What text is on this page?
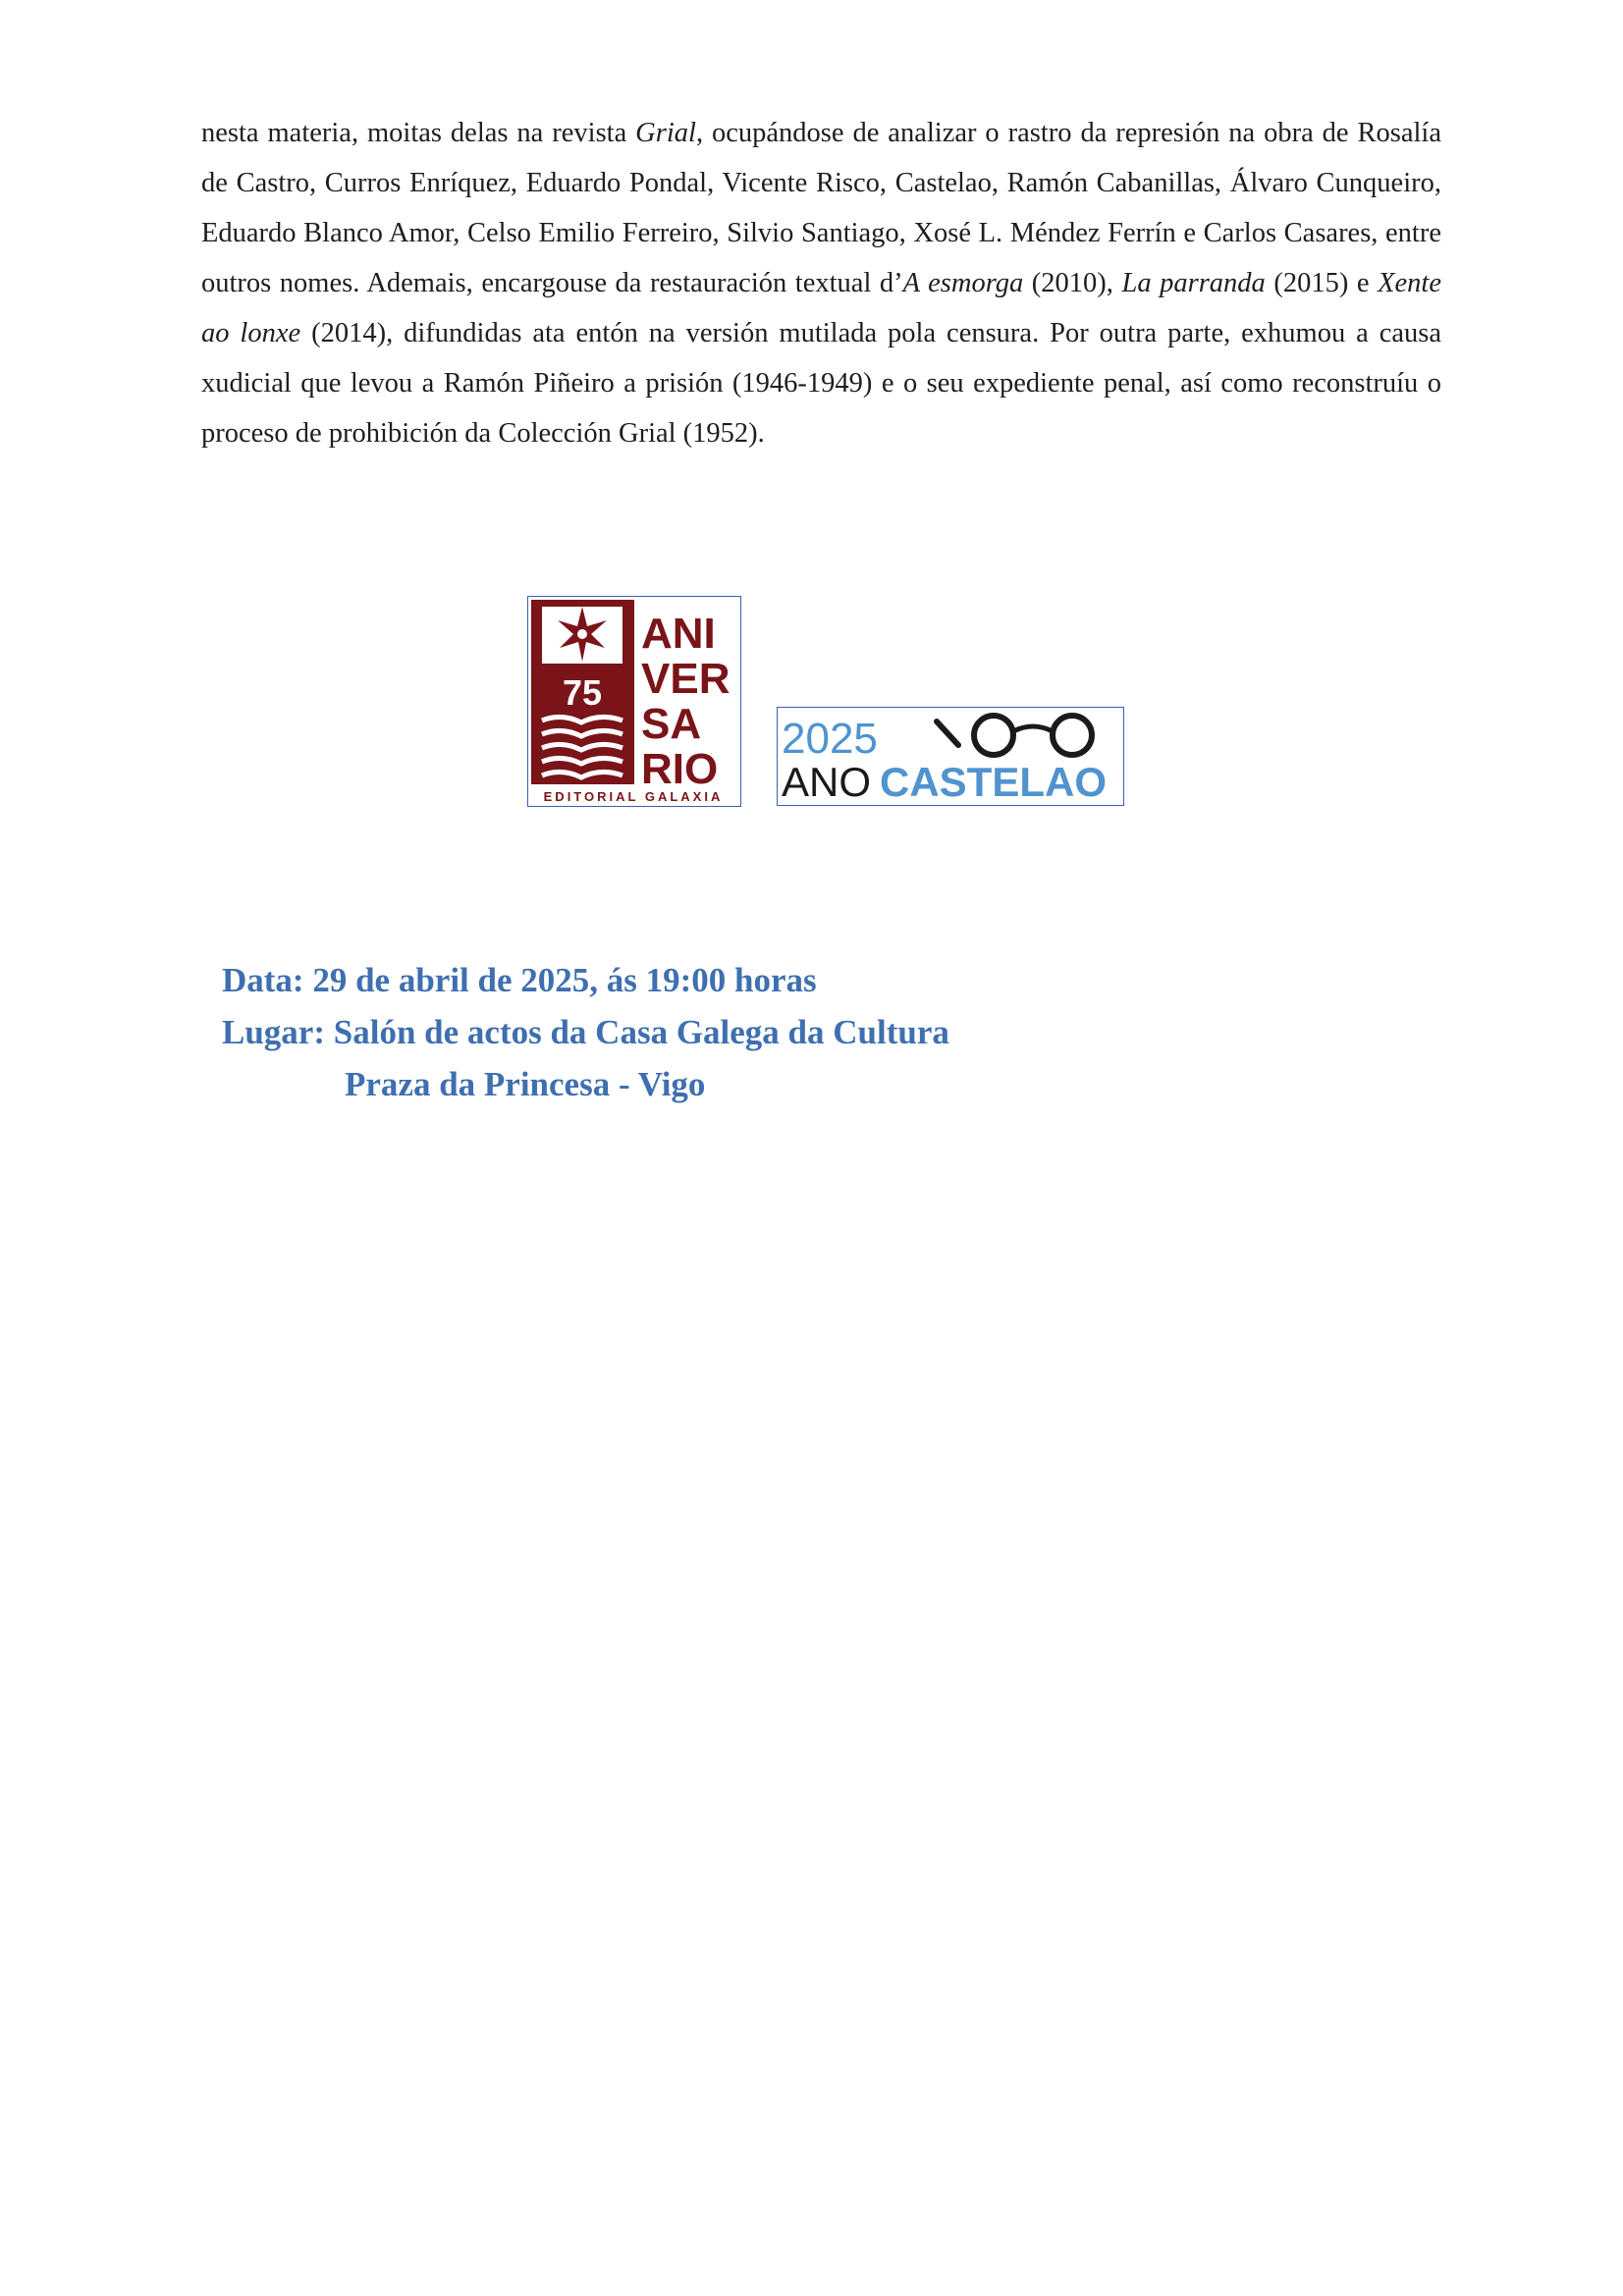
nesta materia, moitas delas na revista Grial, ocupándose de analizar o rastro da represión na obra de Rosalía de Castro, Curros Enríquez, Eduardo Pondal, Vicente Risco, Castelao, Ramón Cabanillas, Álvaro Cunqueiro, Eduardo Blanco Amor, Celso Emilio Ferreiro, Silvio Santiago, Xosé L. Méndez Ferrín e Carlos Casares, entre outros nomes. Ademais, encargouse da restauración textual d’A esmorga (2010), La parranda (2015) e Xente ao lonxe (2014), difundidas ata entón na versión mutilada pola censura. Por outra parte, exhumou a causa xudicial que levou a Ramón Piñeiro a prisión (1946-1949) e o seu expediente penal, así como reconstruíu o proceso de prohibición da Colección Grial (1952).

75
ANI
VER
SA
RIO
EDITORIAL GALAXIA
2025
ANO CASTELAO
Data: 29 de abril de 2025, ás 19:00 horas
Lugar: Salón de actos da Casa Galega da Cultura
Praza da Princesa - Vigo
